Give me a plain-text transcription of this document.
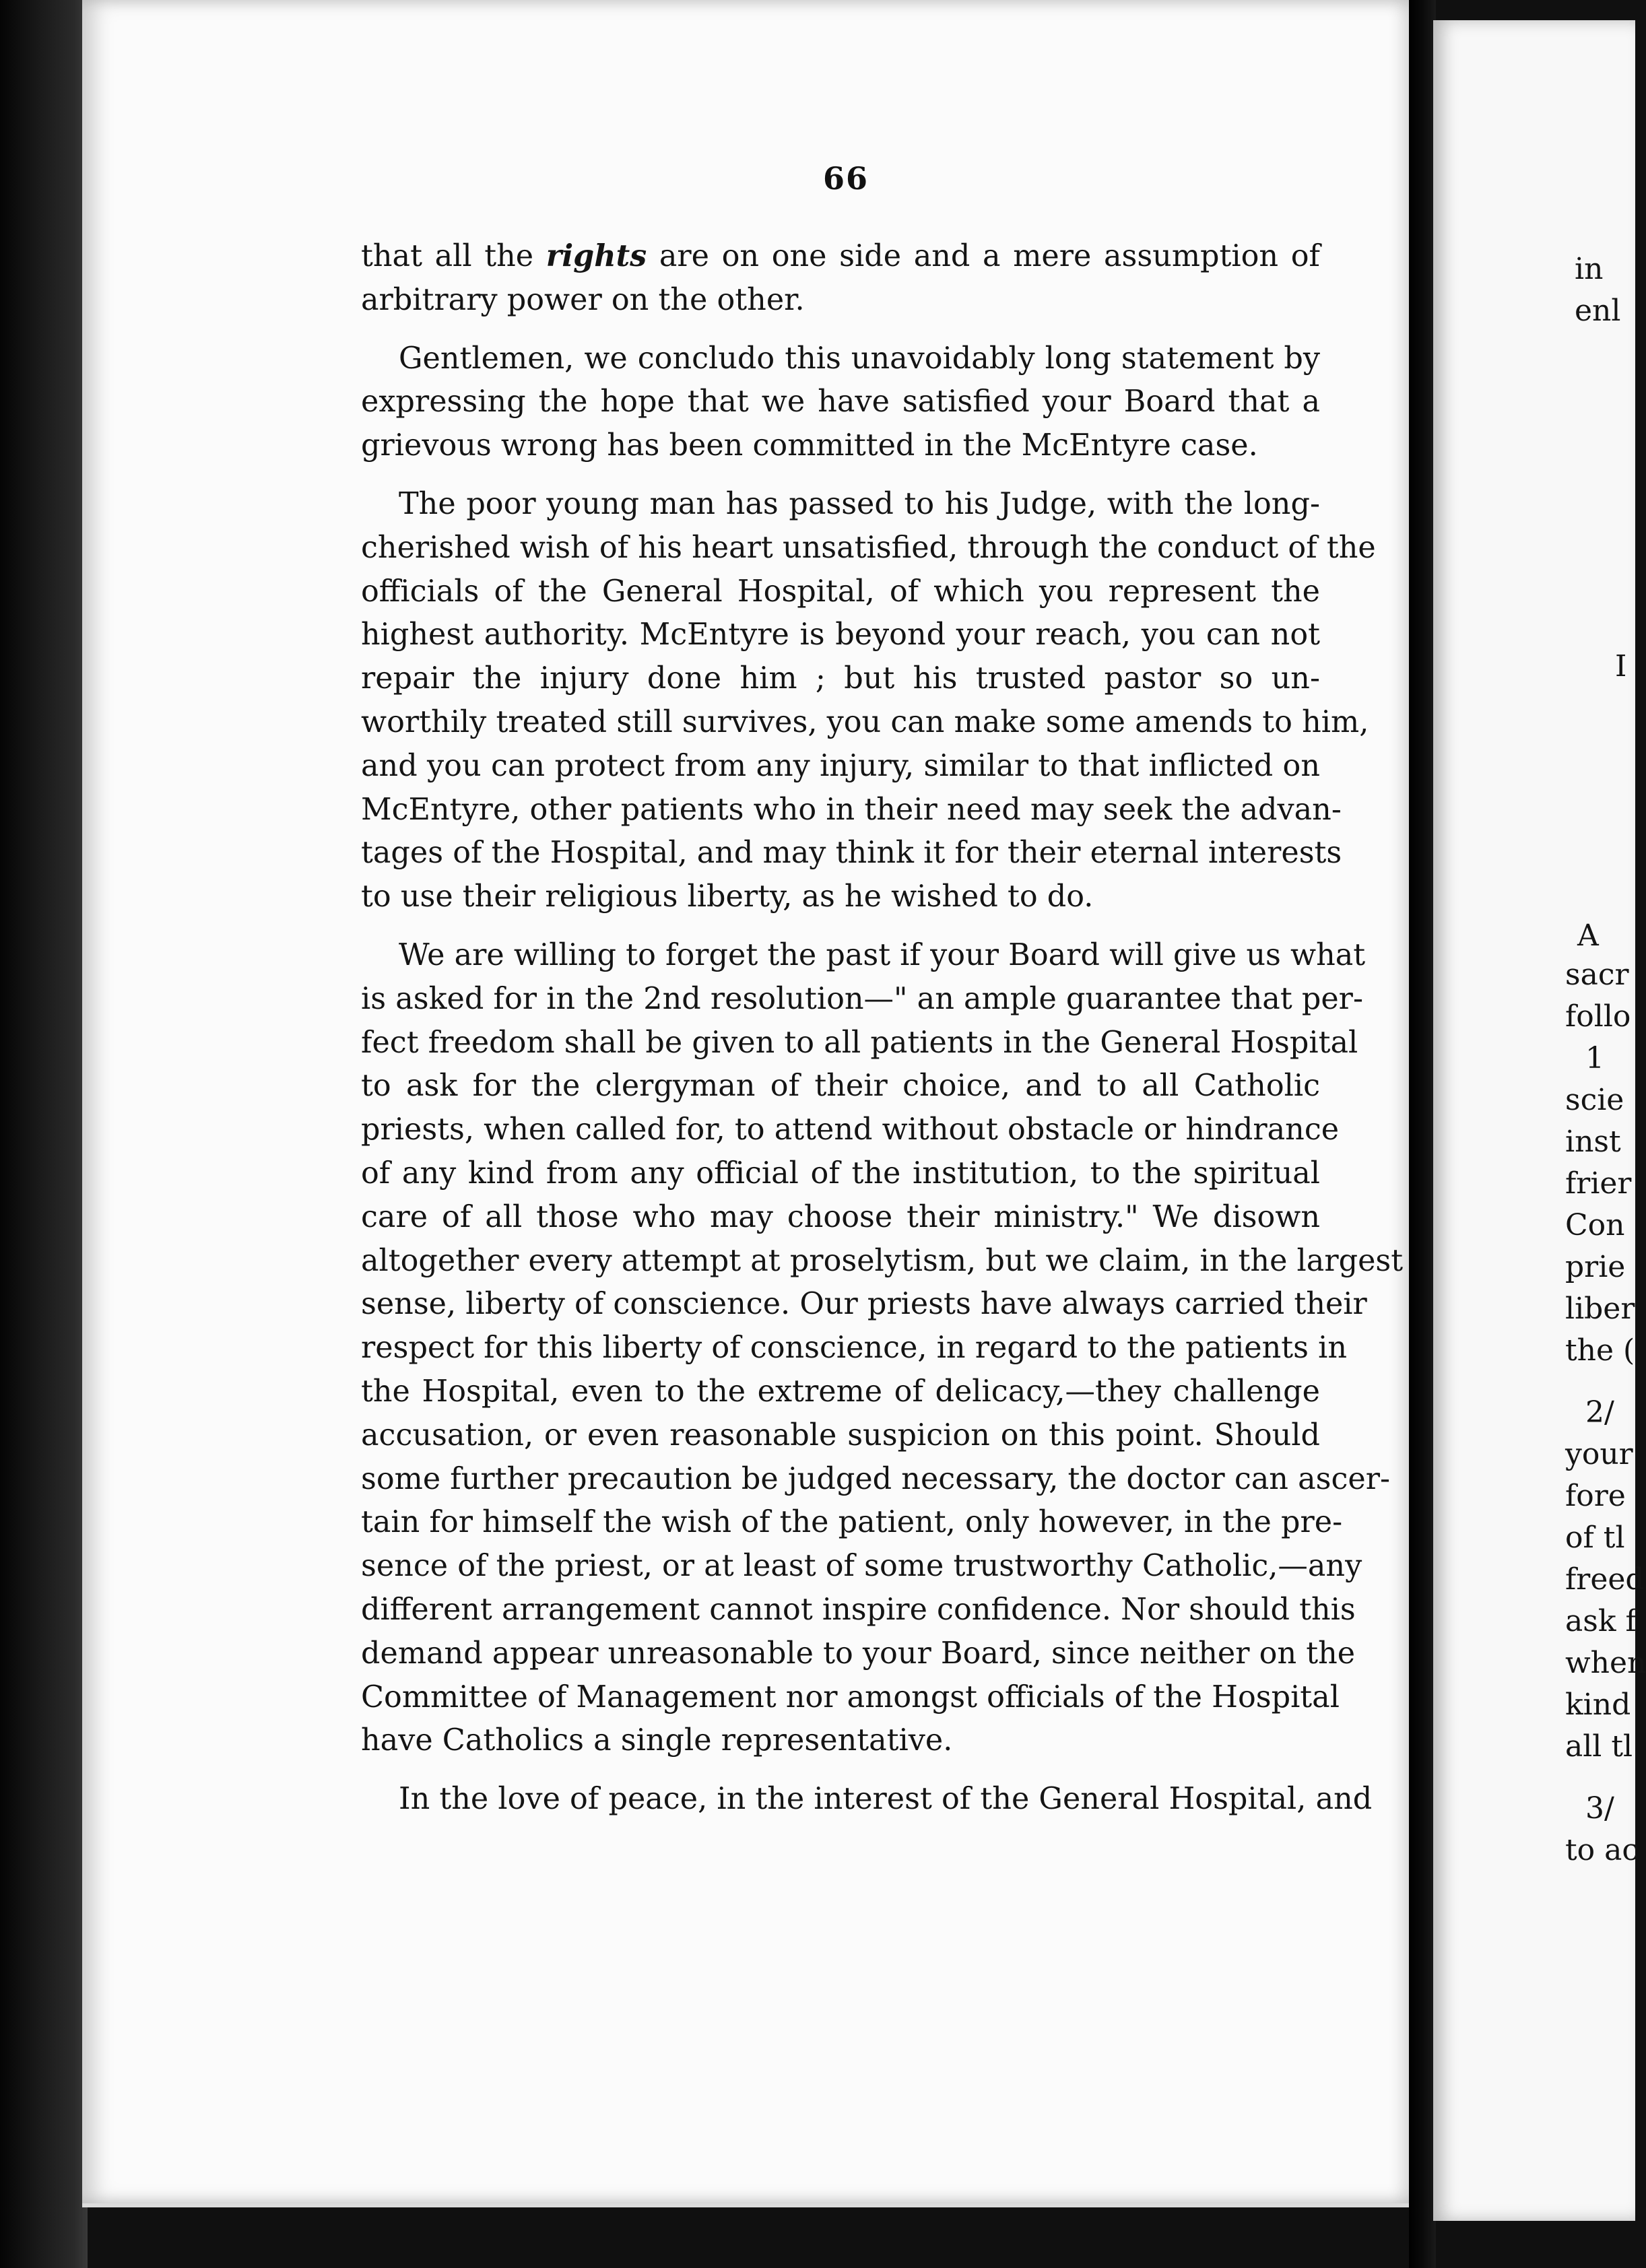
66
that all the rights are on one side and a mere assumption of
arbitrary power on the other.
Gentlemen, we concludo this unavoidably long statement by
expressing the hope that we have satisfied your Board that a
grievous wrong has been committed in the McEntyre case.
The poor young man has passed to his Judge, with the long-
cherished wish of his heart unsatisfied, through the conduct of the
officials of the General Hospital, of which you represent the
highest authority. McEntyre is beyond your reach, you can not
repair the injury done him ; but his trusted pastor so un-
worthily treated still survives, you can make some amends to him,
and you can protect from any injury, similar to that inflicted on
McEntyre, other patients who in their need may seek the advan-
tages of the Hospital, and may think it for their eternal interests
to use their religious liberty, as he wished to do.
We are willing to forget the past if your Board will give us what
is asked for in the 2nd resolution—" an ample guarantee that per-
fect freedom shall be given to all patients in the General Hospital
to ask for the clergyman of their choice, and to all Catholic
priests, when called for, to attend without obstacle or hindrance
of any kind from any official of the institution, to the spiritual
care of all those who may choose their ministry." We disown
altogether every attempt at proselytism, but we claim, in the largest
sense, liberty of conscience. Our priests have always carried their
respect for this liberty of conscience, in regard to the patients in
the Hospital, even to the extreme of delicacy,—they challenge
accusation, or even reasonable suspicion on this point. Should
some further precaution be judged necessary, the doctor can ascer-
tain for himself the wish of the patient, only however, in the pre-
sence of the priest, or at least of some trustworthy Catholic,—any
different arrangement cannot inspire confidence. Nor should this
demand appear unreasonable to your Board, since neither on the
Committee of Management nor amongst officials of the Hospital
have Catholics a single representative.
In the love of peace, in the interest of the General Hospital, and
in
enl
I
A
sacr
follo
1
scie
inst
frier
Con
prie
liber
the (
2/
your
fore
of tl
freed
ask f
when
kind
all tl
3/
to ac
